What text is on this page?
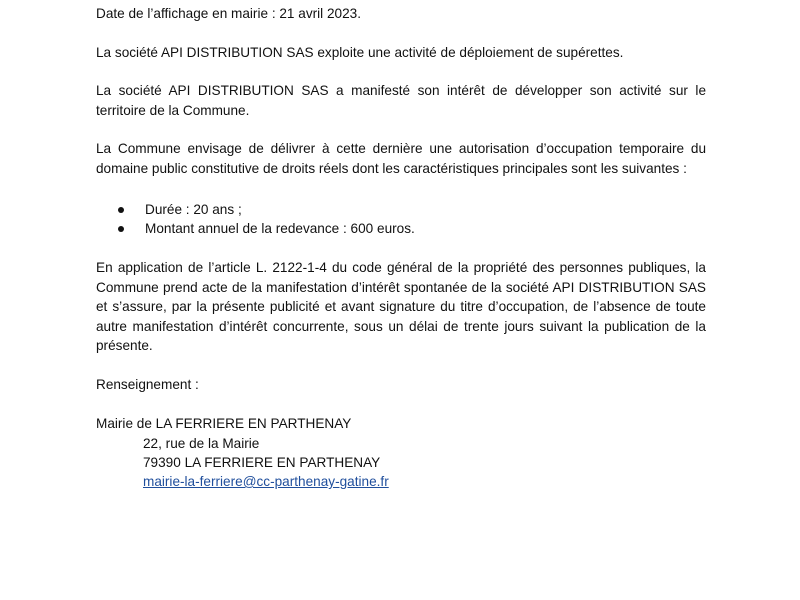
Date de l’affichage en mairie : 21 avril 2023.

La société API DISTRIBUTION SAS exploite une activité de déploiement de supérettes.

La société API DISTRIBUTION SAS a manifesté son intérêt de développer son activité sur le territoire de la Commune.

La Commune envisage de délivrer à cette dernière une autorisation d’occupation temporaire du domaine public constitutive de droits réels dont les caractéristiques principales sont les suivantes :

Durée : 20 ans ;
Montant annuel de la redevance : 600 euros.

En application de l’article L. 2122-1-4 du code général de la propriété des personnes publiques, la Commune prend acte de la manifestation d’intérêt spontanée de la société API DISTRIBUTION SAS et s’assure, par la présente publicité et avant signature du titre d’occupation, de l’absence de toute autre manifestation d’intérêt concurrente, sous un délai de trente jours suivant la publication de la présente.

Renseignement :

Mairie de LA FERRIERE EN PARTHENAY

22, rue de la Mairie
79390 LA FERRIERE EN PARTHENAY
mairie-la-ferriere@cc-parthenay-gatine.fr
